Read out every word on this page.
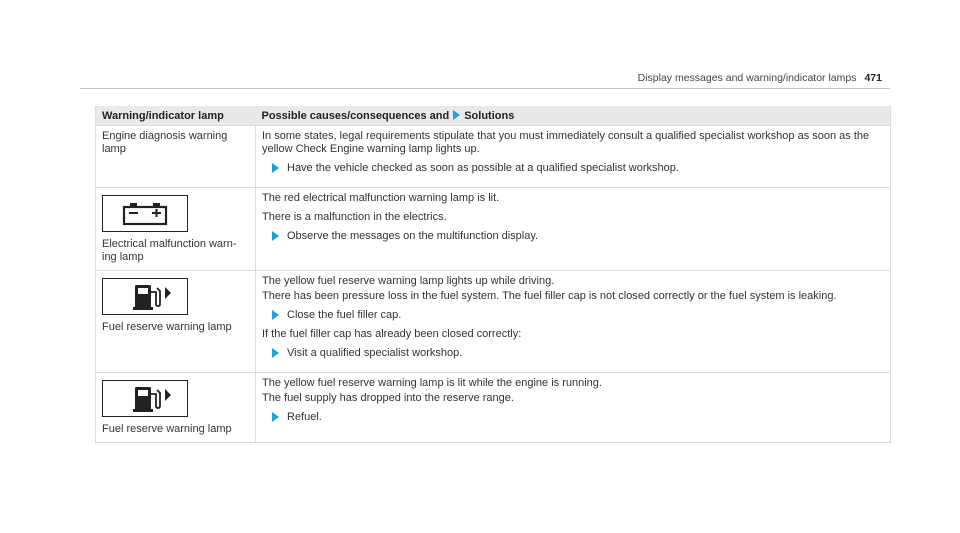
Display messages and warning/indicator lamps 471
Warning/indicator lamp	Possible causes/consequences and Solutions

Engine diagnosis warning lamp	In some states, legal requirements stipulate that you must immediately consult a qualified specialist workshop as soon as the yellow Check Engine warning lamp lights up.
Have the vehicle checked as soon as possible at a qualified specialist workshop.

Electrical malfunction warn- ing lamp	The red electrical malfunction warning lamp is lit.
There is a malfunction in the electrics.
Observe the messages on the multifunction display.

Fuel reserve warning lamp	The yellow fuel reserve warning lamp lights up while driving.
There has been pressure loss in the fuel system. The fuel filler cap is not closed correctly or the fuel system is leaking.
Close the fuel filler cap.
If the fuel filler cap has already been closed correctly:
Visit a qualified specialist workshop.

Fuel reserve warning lamp	The yellow fuel reserve warning lamp is lit while the engine is running.
The fuel supply has dropped into the reserve range.
Refuel.
